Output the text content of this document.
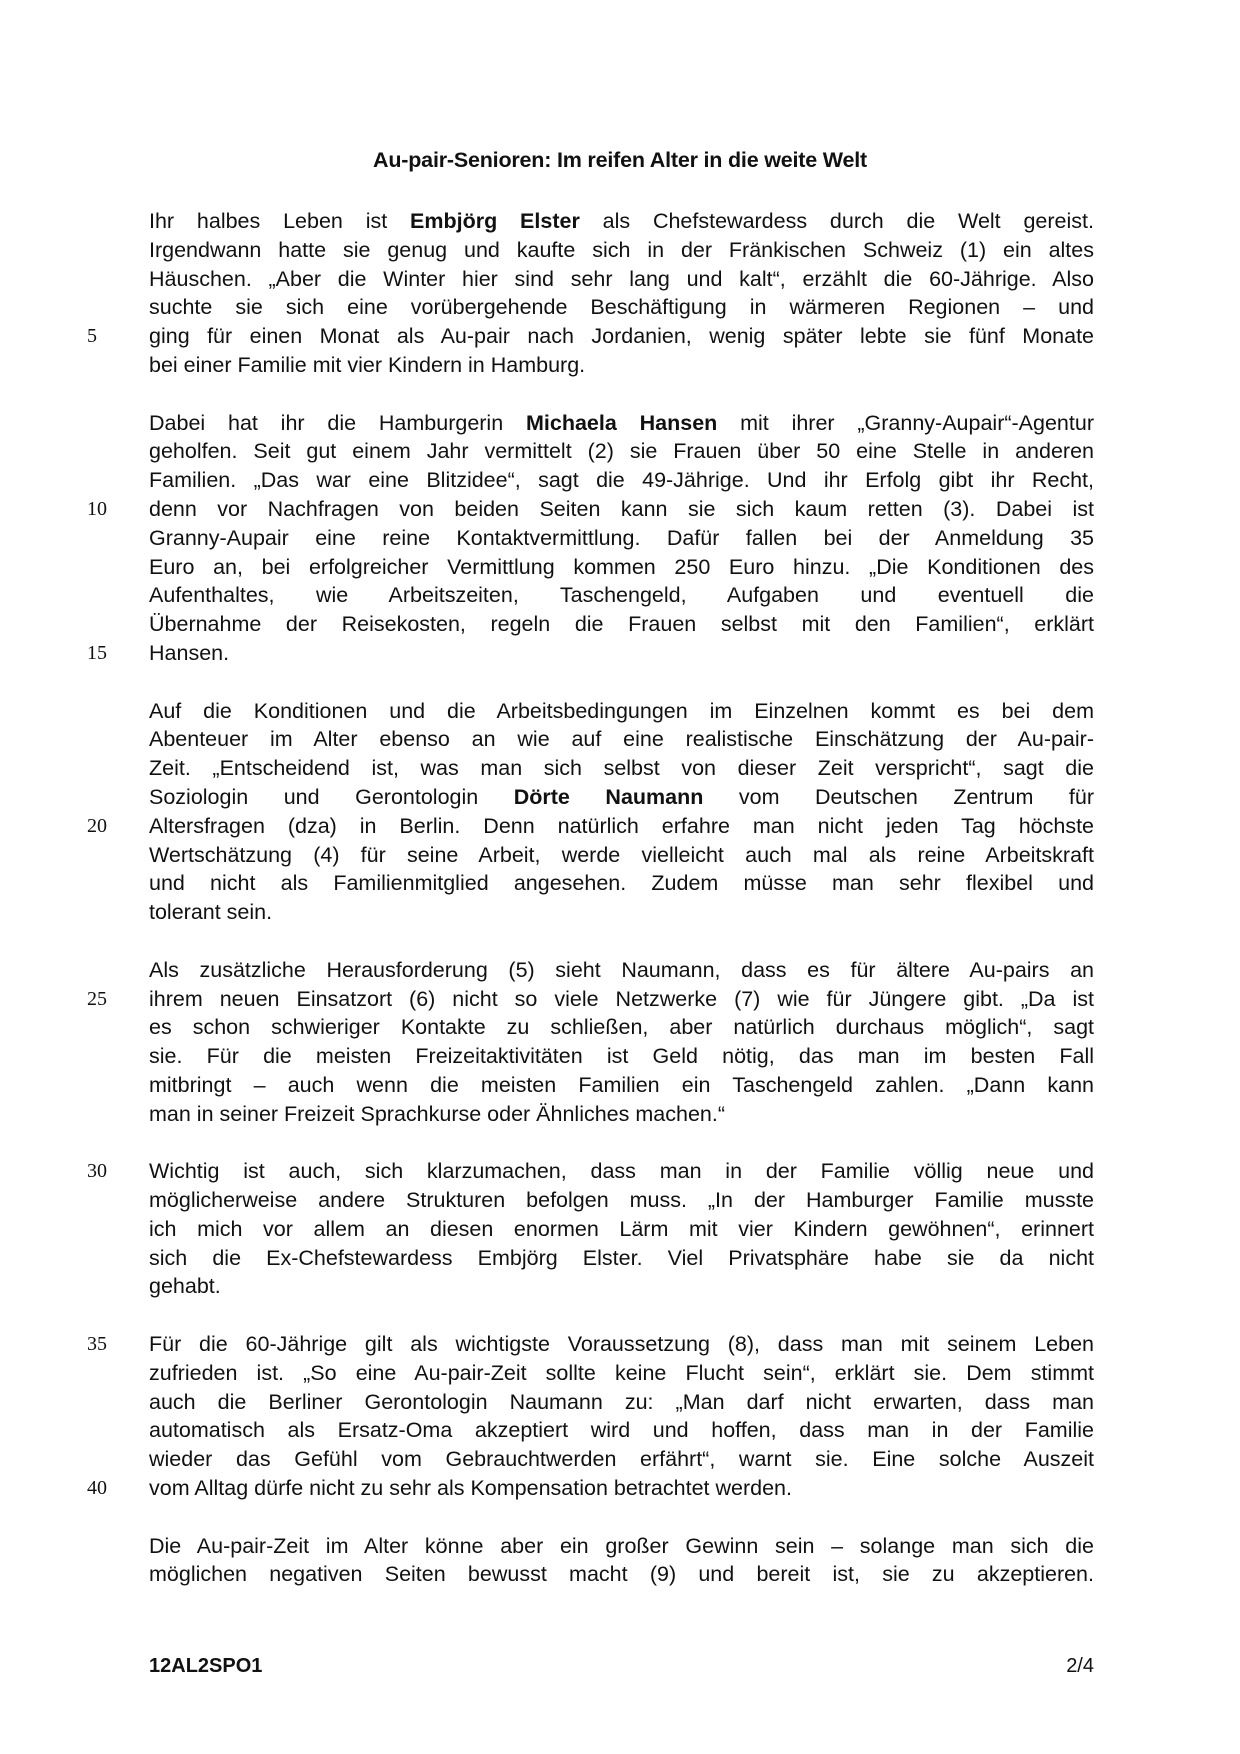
Au-pair-Senioren: Im reifen Alter in die weite Welt
Ihr halbes Leben ist Embjörg Elster als Chefstewardess durch die Welt gereist.
Irgendwann hatte sie genug und kaufte sich in der Fränkischen Schweiz (1) ein altes
Häuschen. „Aber die Winter hier sind sehr lang und kalt“, erzählt die 60-Jährige. Also
suchte sie sich eine vorübergehende Beschäftigung in wärmeren Regionen – und
5	ging für einen Monat als Au-pair nach Jordanien, wenig später lebte sie fünf Monate
bei einer Familie mit vier Kindern in Hamburg.
Dabei hat ihr die Hamburgerin Michaela Hansen mit ihrer „Granny-Aupair“-Agentur
geholfen. Seit gut einem Jahr vermittelt (2) sie Frauen über 50 eine Stelle in anderen
Familien. „Das war eine Blitzidee“, sagt die 49-Jährige. Und ihr Erfolg gibt ihr Recht,
10	denn vor Nachfragen von beiden Seiten kann sie sich kaum retten (3). Dabei ist
Granny-Aupair eine reine Kontaktvermittlung. Dafür fallen bei der Anmeldung 35
Euro an, bei erfolgreicher Vermittlung kommen 250 Euro hinzu. „Die Konditionen des
Aufenthaltes, wie Arbeitszeiten, Taschengeld, Aufgaben und eventuell die
Übernahme der Reisekosten, regeln die Frauen selbst mit den Familien“, erklärt
15	Hansen.
Auf die Konditionen und die Arbeitsbedingungen im Einzelnen kommt es bei dem
Abenteuer im Alter ebenso an wie auf eine realistische Einschätzung der Au-pair-
Zeit. „Entscheidend ist, was man sich selbst von dieser Zeit verspricht“, sagt die
Soziologin und Gerontologin Dörte Naumann vom Deutschen Zentrum für
20	Altersfragen (dza) in Berlin. Denn natürlich erfahre man nicht jeden Tag höchste
Wertschätzung (4) für seine Arbeit, werde vielleicht auch mal als reine Arbeitskraft
und nicht als Familienmitglied angesehen. Zudem müsse man sehr flexibel und
tolerant sein.
Als zusätzliche Herausforderung (5) sieht Naumann, dass es für ältere Au-pairs an
25	ihrem neuen Einsatzort (6) nicht so viele Netzwerke (7) wie für Jüngere gibt. „Da ist
es schon schwieriger Kontakte zu schließen, aber natürlich durchaus möglich“, sagt
sie. Für die meisten Freizeitaktivitäten ist Geld nötig, das man im besten Fall
mitbringt – auch wenn die meisten Familien ein Taschengeld zahlen. „Dann kann
man in seiner Freizeit Sprachkurse oder Ähnliches machen.“
30	Wichtig ist auch, sich klarzumachen, dass man in der Familie völlig neue und
möglicherweise andere Strukturen befolgen muss. „In der Hamburger Familie musste
ich mich vor allem an diesen enormen Lärm mit vier Kindern gewöhnen“, erinnert
sich die Ex-Chefstewardess Embjörg Elster. Viel Privatsphäre habe sie da nicht
gehabt.
35	Für die 60-Jährige gilt als wichtigste Voraussetzung (8), dass man mit seinem Leben
zufrieden ist. „So eine Au-pair-Zeit sollte keine Flucht sein“, erklärt sie. Dem stimmt
auch die Berliner Gerontologin Naumann zu: „Man darf nicht erwarten, dass man
automatisch als Ersatz-Oma akzeptiert wird und hoffen, dass man in der Familie
wieder das Gefühl vom Gebrauchtwerden erfährt“, warnt sie. Eine solche Auszeit
40	vom Alltag dürfe nicht zu sehr als Kompensation betrachtet werden.
Die Au-pair-Zeit im Alter könne aber ein großer Gewinn sein – solange man sich die
möglichen negativen Seiten bewusst macht (9) und bereit ist, sie zu akzeptieren.
12AL2SPO1	2/4
